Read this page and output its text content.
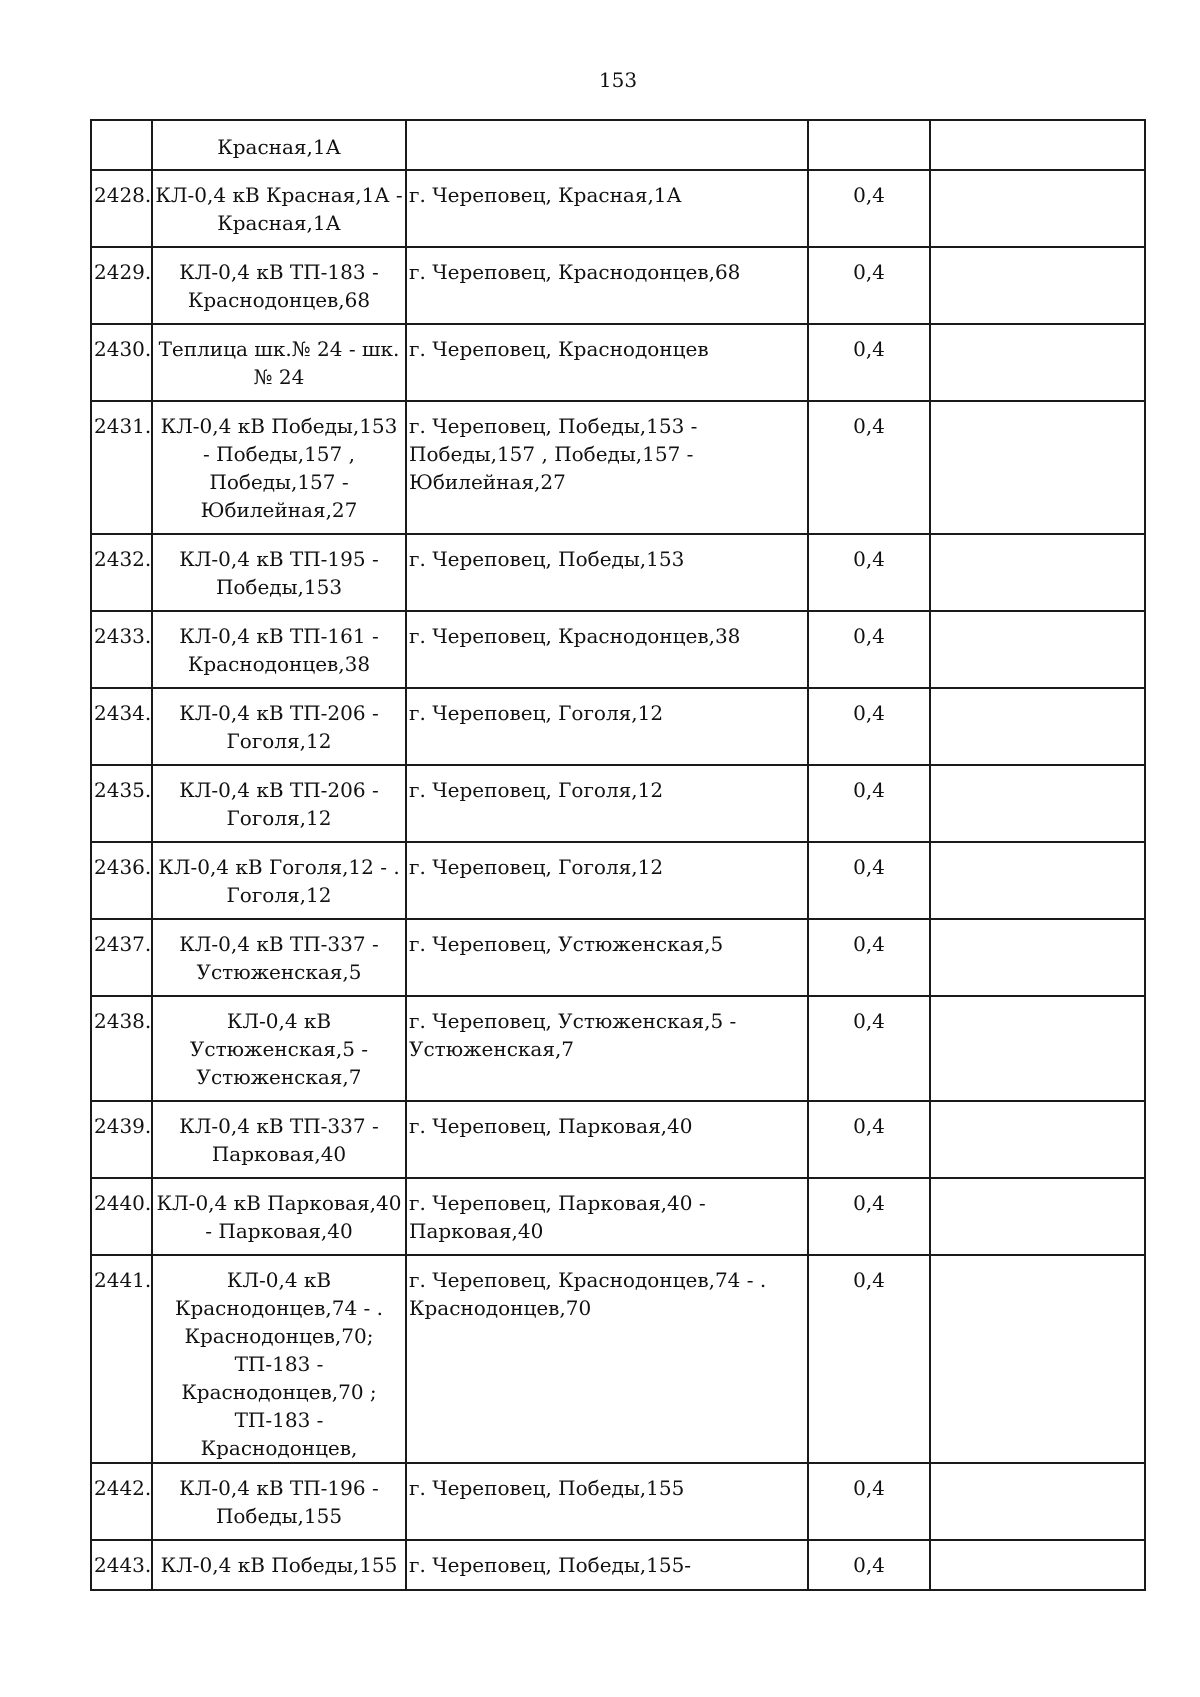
153
	Красная,1А			
2428.	КЛ-0,4 кВ Красная,1А - Красная,1А	г. Череповец, Красная,1А	0,4	
2429.	КЛ-0,4 кВ ТП-183 - Краснодонцев,68	г. Череповец, Краснодонцев,68	0,4	
2430.	Теплица шк.№ 24 - шк.№ 24	г. Череповец, Краснодонцев	0,4	
2431.	КЛ-0,4 кВ Победы,153 - Победы,157 , Победы,157 - Юбилейная,27	г. Череповец, Победы,153 - Победы,157 , Победы,157 - Юбилейная,27	0,4	
2432.	КЛ-0,4 кВ ТП-195 - Победы,153	г. Череповец, Победы,153	0,4	
2433.	КЛ-0,4 кВ ТП-161 - Краснодонцев,38	г. Череповец, Краснодонцев,38	0,4	
2434.	КЛ-0,4 кВ ТП-206 - Гоголя,12	г. Череповец, Гоголя,12	0,4	
2435.	КЛ-0,4 кВ ТП-206 - Гоголя,12	г. Череповец, Гоголя,12	0,4	
2436.	КЛ-0,4 кВ Гоголя,12 - . Гоголя,12	г. Череповец, Гоголя,12	0,4	
2437.	КЛ-0,4 кВ ТП-337 - Устюженская,5	г. Череповец, Устюженская,5	0,4	
2438.	КЛ-0,4 кВ Устюженская,5 - Устюженская,7	г. Череповец, Устюженская,5 - Устюженская,7	0,4	
2439.	КЛ-0,4 кВ ТП-337 - Парковая,40	г. Череповец, Парковая,40	0,4	
2440.	КЛ-0,4 кВ Парковая,40 - Парковая,40	г. Череповец, Парковая,40 - Парковая,40	0,4	
2441.	КЛ-0,4 кВ Краснодонцев,74 - . Краснодонцев,70; ТП-183 - Краснодонцев,70 ; ТП-183 - Краснодонцев,	г. Череповец, Краснодонцев,74 - . Краснодонцев,70	0,4	
2442.	КЛ-0,4 кВ ТП-196 - Победы,155	г. Череповец, Победы,155	0,4	
2443.	КЛ-0,4 кВ Победы,155	г. Череповец, Победы,155-	0,4	
